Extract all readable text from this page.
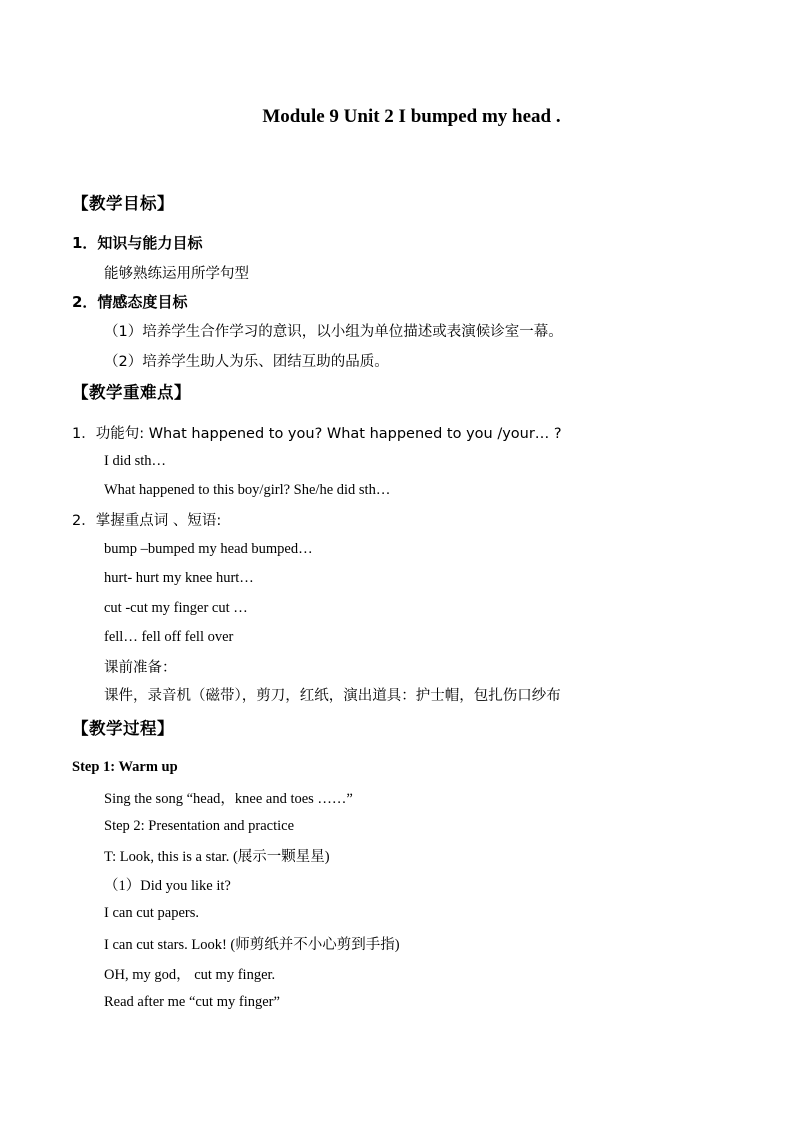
Module 9 Unit 2 I bumped my head .
【教学目标】
1．知识与能力目标
能够熟练运用所学句型
2．情感态度目标
（1）培养学生合作学习的意识，以小组为单位描述或表演候诊室一幕。
（2）培养学生助人为乐、团结互助的品质。
【教学重难点】
1．功能句: What happened to you? What happened to you /your… ?
I did sth…
What happened to this boy/girl? She/he did sth…
2．掌握重点词 、短语:
bump –bumped my head bumped…
hurt- hurt my knee hurt…
cut -cut my finger cut …
fell… fell off fell over
课前准备：
课件，录音机（磁带），剪刀，红纸，演出道具：护士帽，包扎伤口纱布
【教学过程】
Step 1: Warm up
Sing the song “head，knee and toes ……”
Step 2: Presentation and practice
T: Look, this is a star. (展示一颗星星)
（1）Did you like it?
I can cut papers.
I can cut stars. Look! (师剪纸并不小心剪到手指)
OH, my god， cut my finger.
Read after me “cut my finger”
